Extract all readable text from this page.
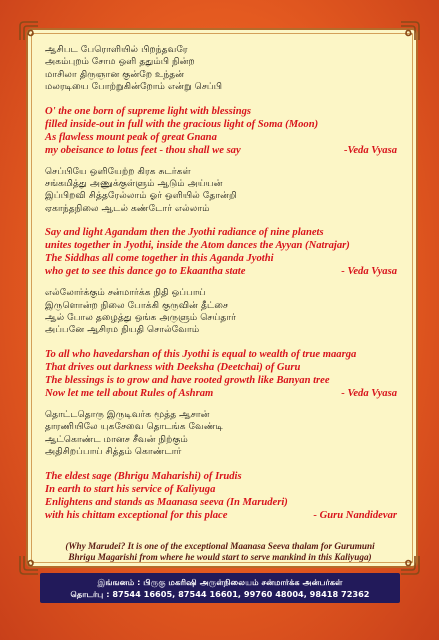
ஆசிபட பேரொளியில் பிறந்தவரே
அகம்புறம் சோம ஒளி ததும்பி நின்ற
மாசிலா திருஞான குன்றே உந்தன்
மலரடியை போற்றுகின்றோம் என்று செப்பி
O' the one born of supreme light with blessings
filled inside-out in full with the gracious light of Soma (Moon)
As flawless mount peak of great Gnana
my obeisance to lotus feet - thou shall we say	-Veda Vyasa
செப்பியே ஒளியேற்ற கிரக சுடர்கள்
சங்கமித்து அணுக்குள்ளும் ஆடும் அய்யன்
இப்பிறவி சித்தரேல்லாம் ஓர் ஒளியில் தோன்றி
ஏகாந்தநிலை ஆடல் கண்டோர் எல்லாம்
Say and light Agandam then the Jyothi radiance of nine planets
unites together in Jyothi, inside the Atom dances the Ayyan (Natrajar)
The Siddhas all come together in this Aganda Jyothi
who get to see this dance go to Ekaantha state	- Veda Vyasa
எல்லோர்க்கும் சன்மார்க்க நிதி ஒப்பாய்
இருளொன்ற நிலை போக்கி குருவின் தீட்சை
ஆல் போல தழைத்து ஒங்க அருளும் செய்தார்
அப்பனே ஆசிரம நியதி சொல்வோம்
To all who havedarshan of this Jyothi is equal to wealth of true maarga
That drives out darkness with Deeksha (Deetchai) of Guru
The blessings is to grow and have rooted growth like Banyan tree
Now let me tell about Rules of Ashram	- Veda Vyasa
தொட்டதொரு இருடிவர்க மூத்த ஆசான்
தாரணியிலே யுகசேவை தொடங்க வேண்டி
ஆட்கொண்ட மானச சீவன் நிற்கும்
அதிசிறப்பாய் சித்தம் கொண்டார்
The eldest sage (Bhrigu Maharishi) of Irudis
In earth to start his service of Kaliyuga
Enlightens and stands as Maanasa seeva (In Maruderi)
with his chittam exceptional for this place	- Guru Nandidevar
(Why Marudei? It is one of the exceptional Maanasa Seeva thalam for Gurumuni
Bhrigu Magarishi from where he would start to serve mankind in this Kaliyuga)
இங்ஙனம் : பிருகு மகரிஷி அருள்நிலையம் சன்மார்க்க அன்பர்கள்
தொடர்பு : 87544 16605, 87544 16601, 99760 48004, 98418 72362
